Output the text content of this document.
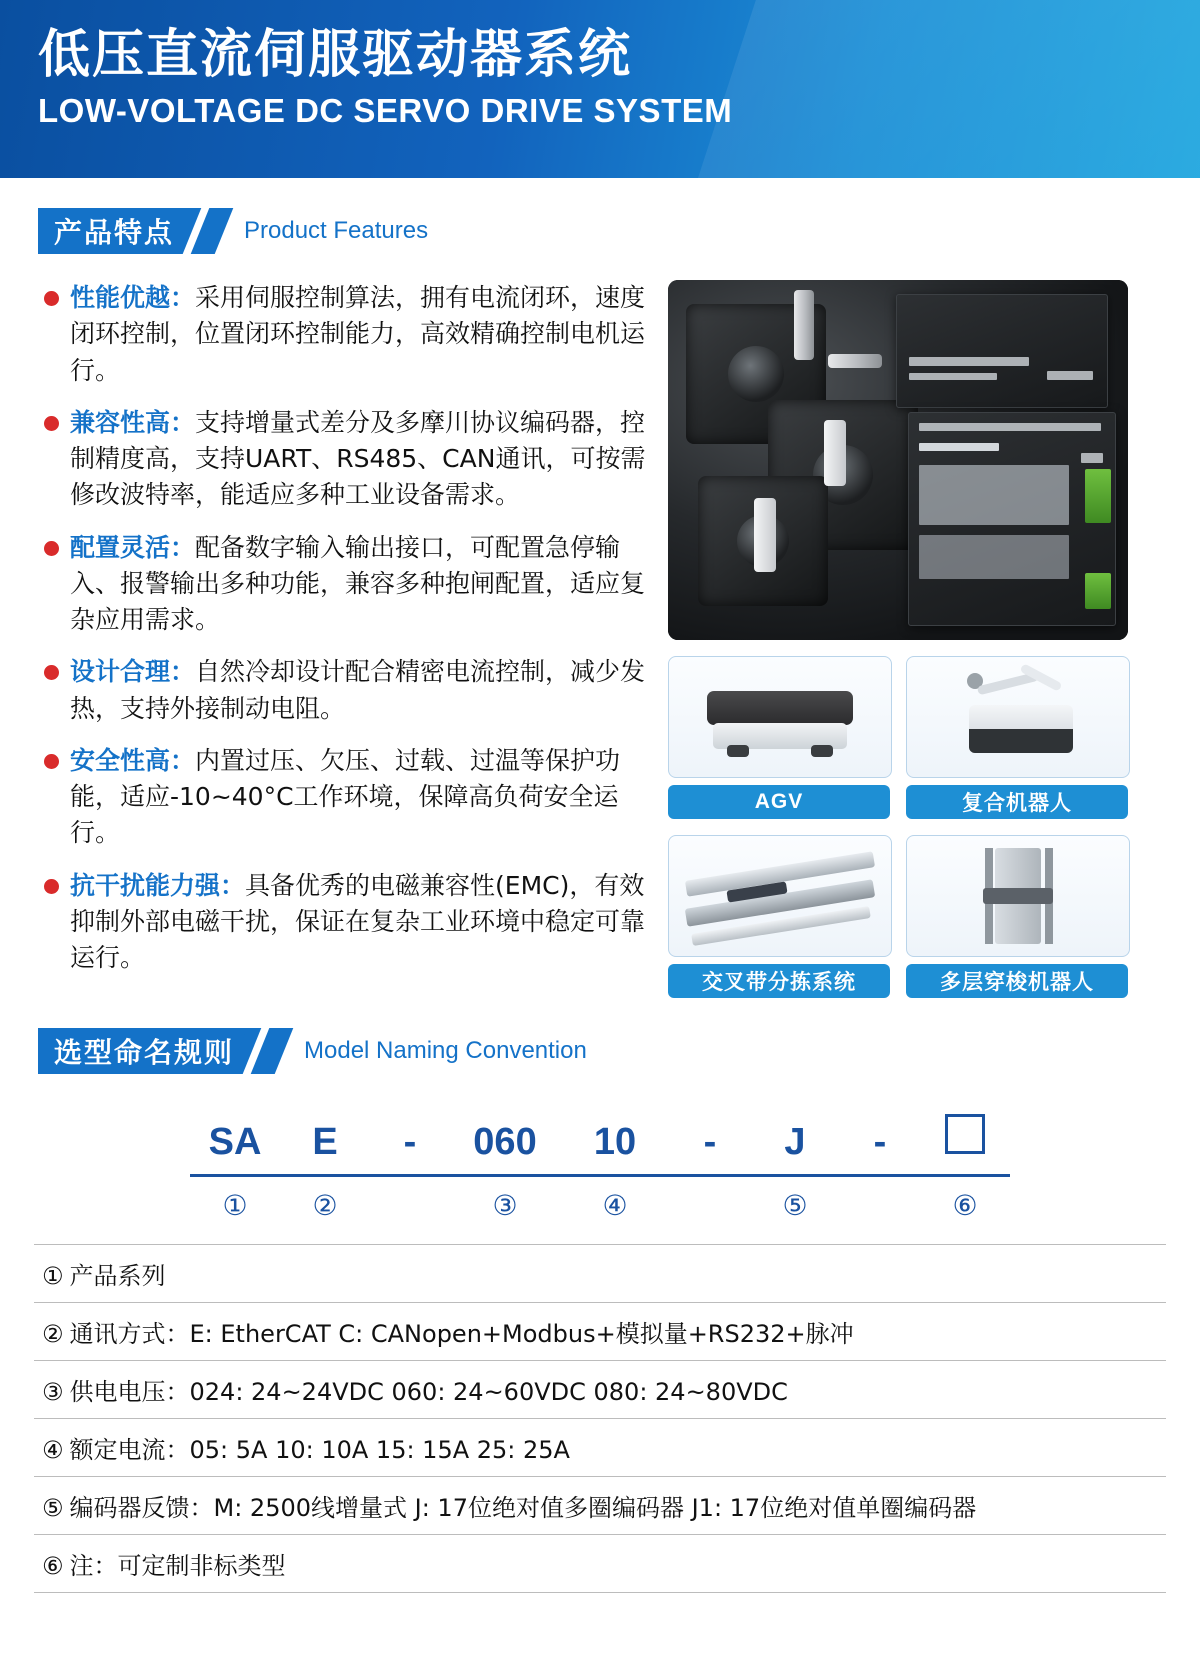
低压直流伺服驱动器系统
LOW-VOLTAGE DC SERVO DRIVE SYSTEM
产品特点	Product Features
性能优越：采用伺服控制算法，拥有电流闭环，速度闭环控制，位置闭环控制能力，高效精确控制电机运行。
兼容性高：支持增量式差分及多摩川协议编码器，控制精度高，支持UART、RS485、CAN通讯，可按需修改波特率，能适应多种工业设备需求。
配置灵活：配备数字输入输出接口，可配置急停输入、报警输出多种功能，兼容多种抱闸配置，适应复杂应用需求。
设计合理：自然冷却设计配合精密电流控制，减少发热，支持外接制动电阻。
安全性高：内置过压、欠压、过载、过温等保护功能，适应-10~40°C工作环境，保障高负荷安全运行。
抗干扰能力强：具备优秀的电磁兼容性(EMC)，有效抑制外部电磁干扰，保证在复杂工业环境中稳定可靠运行。
AGV	复合机器人
交叉带分拣系统	多层穿梭机器人
选型命名规则	Model Naming Convention
SA	E	-	060	10	-	J	-
①	②	③	④	⑤	⑥
① 产品系列
② 通讯方式：E: EtherCAT C: CANopen+Modbus+模拟量+RS232+脉冲
③ 供电电压：024: 24~24VDC 060: 24~60VDC 080: 24~80VDC
④ 额定电流：05: 5A 10: 10A 15: 15A 25: 25A
⑤ 编码器反馈：M: 2500线增量式 J: 17位绝对值多圈编码器 J1: 17位绝对值单圈编码器
⑥ 注：可定制非标类型
